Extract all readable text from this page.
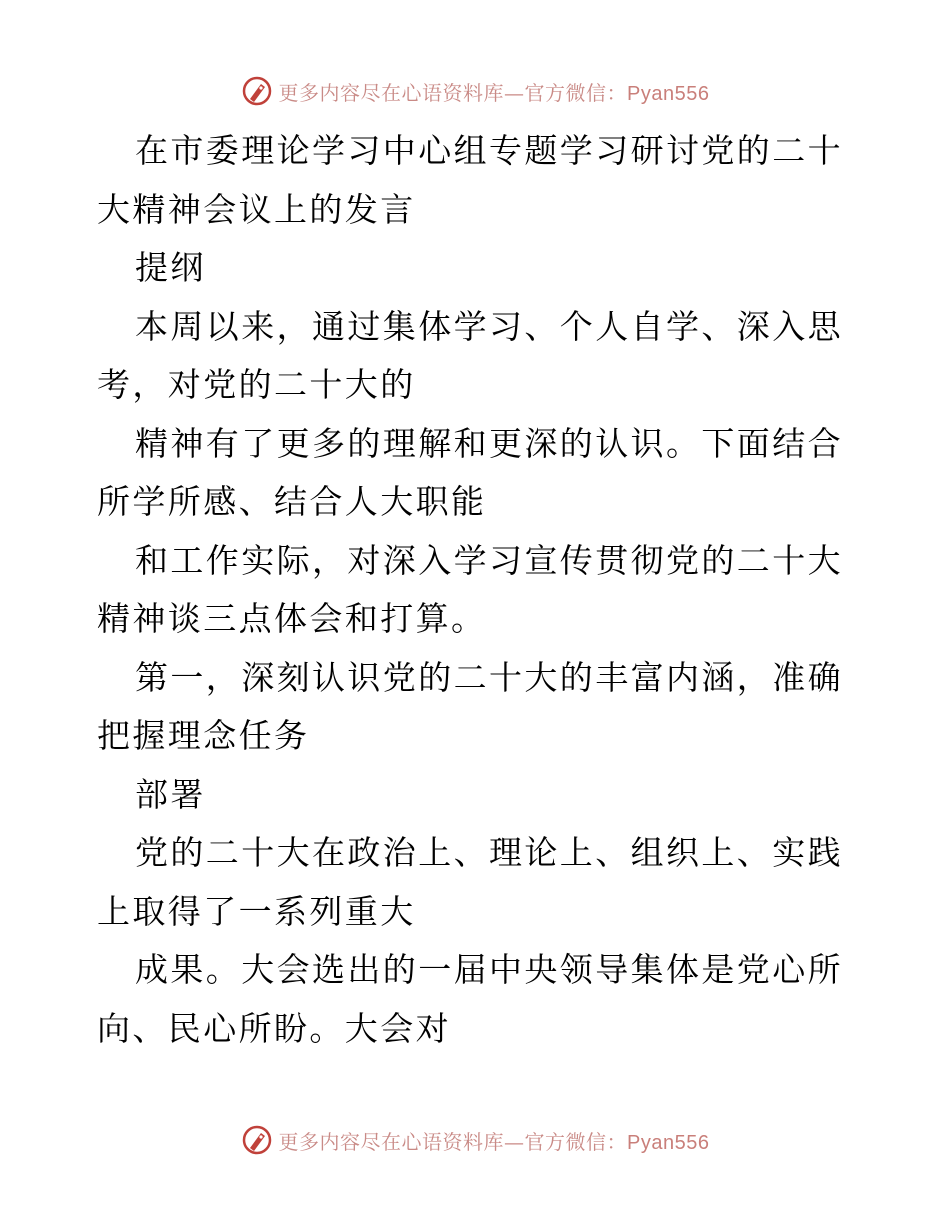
更多内容尽在心语资料库—官方微信：Pyan556

在市委理论学习中心组专题学习研讨党的二十大精神会议上的发言

提纲

本周以来，通过集体学习、个人自学、深入思考，对党的二十大的

精神有了更多的理解和更深的认识。下面结合所学所感、结合人大职能

和工作实际，对深入学习宣传贯彻党的二十大精神谈三点体会和打算。

第一，深刻认识党的二十大的丰富内涵，准确把握理念任务

部署

党的二十大在政治上、理论上、组织上、实践上取得了一系列重大

成果。大会选出的一届中央领导集体是党心所向、民心所盼。大会对

更多内容尽在心语资料库—官方微信：Pyan556
